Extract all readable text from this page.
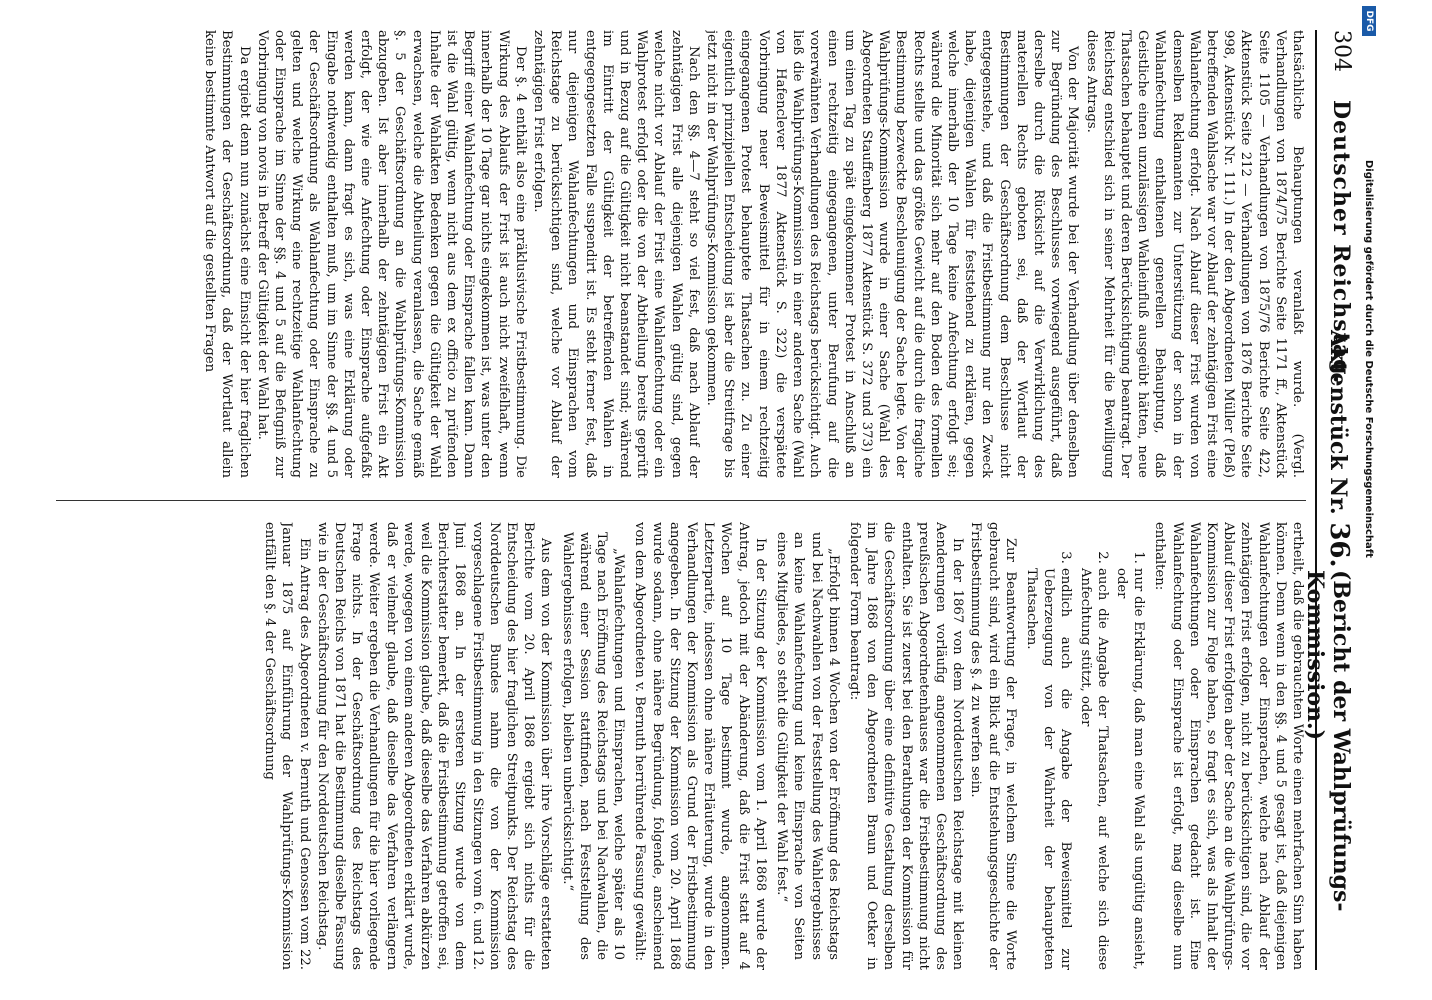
304
Deutscher Reichstag.
Aktenstück Nr. 36.
(Bericht der Wahlprüfungs-Kommission.)

thatsächliche Behauptungen veranlaßt wurde. (Vergl. Verhandlungen von 1874/75 Berichte Seite 1171 ff., Aktenstück Seite 1105 — Verhandlungen von 1875/76 Berichte Seite 422, Aktenstück Seite 212 — Verhandlungen von 1876 Berichte Seite 998, Aktenstück Nr. 111.) In der den Abgeordneten Müller (Pleß) betreffenden Wahlsache war vor Ablauf der zehntägigen Frist eine Wahlanfechtung erfolgt. Nach Ablauf dieser Frist wurden von demselben Reklamanten zur Unterstützung der schon in der Wahlanfechtung enthaltenen generellen Behauptung, daß Geistliche einen unzulässigen Wahleinfluß ausgeübt hätten, neue Thatsachen behauptet und deren Berücksichtigung beantragt. Der Reichstag entschied sich in seiner Mehrheit für die Bewilligung dieses Antrags.

Von der Majorität wurde bei der Verhandlung über denselben zur Begründung des Beschlusses vorwiegend ausgeführt, daß derselbe durch die Rücksicht auf die Verwirklichung des materiellen Rechts geboten sei, daß der Wortlaut der Bestimmungen der Geschäftsordnung dem Beschlusse nicht entgegenstehe, und daß die Fristbestimmung nur den Zweck habe, diejenigen Wahlen für feststehend zu erklären, gegen welche innerhalb der 10 Tage keine Anfechtung erfolgt sei; während die Minorität sich mehr auf den Boden des formellen Rechts stellte und das größte Gewicht auf die durch die fragliche Bestimmung bezweckte Beschleunigung der Sache legte. Von der Wahlprüfungs-Kommission wurde in einer Sache (Wahl des Abgeordneten Stauffenberg 1877 Aktenstück S. 372 und 373) ein um einen Tag zu spät eingekommener Protest in Anschluß an einen rechtzeitig eingegangenen, unter Berufung auf die vorerwähnten Verhandlungen des Reichstags berücksichtigt. Auch ließ die Wahlprüfungs-Kommission in einer anderen Sache (Wahl von Hafenclever 1877 Aktenstück S. 322) die verspätete Vorbringung neuer Beweismittel für in einem rechtzeitig eingegangenen Protest behauptete Thatsachen zu. Zu einer eigentlich prinzipiellen Entscheidung ist aber die Streitfrage bis jetzt nicht in der Wahlprüfungs-Kommission gekommen.

Nach den §§. 4—7 steht so viel fest, daß nach Ablauf der zehntägigen Frist alle diejenigen Wahlen gültig sind, gegen welche nicht vor Ablauf der Frist eine Wahlanfechtung oder ein Wahlprotest erfolgt oder die von der Abtheilung bereits geprüft und in Bezug auf die Gültigkeit nicht beanstandet sind; während im Eintritt der Gültigkeit der betreffenden Wahlen in entgegengesetzten Falle suspendirt ist. Es steht ferner fest, daß nur diejenigen Wahlanfechtungen und Einsprachen vom Reichstage zu berücksichtigen sind, welche vor Ablauf der zehntägigen Frist erfolgen.

Der §. 4 enthält also eine präklusivische Fristbestimmung. Die Wirkung des Ablaufs der Frist ist auch nicht zweifelhaft, wenn innerhalb der 10 Tage gar nichts eingekommen ist, was unter den Begriff einer Wahlanfechtung oder Einsprache fallen kann. Dann ist die Wahl gültig, wenn nicht aus dem ex officio zu prüfenden Inhalte der Wahlakten Bedenken gegen die Gültigkeit der Wahl erwachsen, welche die Abtheilung veranlassen, die Sache gemäß §. 5 der Geschäftsordnung an die Wahlprüfungs-Kommission abzugeben. Ist aber innerhalb der zehntägigen Frist ein Akt erfolgt, der wie eine Anfechtung oder Einsprache aufgefaßt werden kann, dann fragt es sich, was eine Erklärung oder Eingabe nothwendig enthalten muß, um im Sinne der §§. 4 und 5 der Geschäftsordnung als Wahlanfechtung oder Einsprache zu gelten und welche Wirkung eine rechtzeitige Wahlanfechtung oder Einsprache im Sinne der §§. 4 und 5 auf die Befugniß zur Vorbringung von novis in Betreff der Gültigkeit der Wahl hat.

Da ergiebt denn nun zunächst eine Einsicht der hier fraglichen Bestimmungen der Geschäftsordnung, daß der Wortlaut allein keine bestimmte Antwort auf die gestellten Fragen

ertheilt, daß die gebrauchten Worte einen mehrfachen Sinn haben können. Denn wenn in den §§. 4 und 5 gesagt ist, daß diejenigen Wahlanfechtungen oder Einsprachen, welche nach Ablauf der zehntägigen Frist erfolgen, nicht zu berücksichtigen sind, die vor Ablauf dieser Frist erfolgten aber der Sache an die Wahlprüfungs-Kommission zur Folge haben, so fragt es sich, was als Inhalt der Wahlanfechtungen oder Einsprachen gedacht ist. Eine Wahlanfechtung oder Einsprache ist erfolgt, mag dieselbe nun enthalten:

1. nur die Erklärung, daß man eine Wahl als ungültig ansieht, oder
2. auch die Angabe der Thatsachen, auf welche sich diese Anfechtung stützt, oder
3. endlich auch die Angabe der Beweismittel zur Ueberzeugung von der Wahrheit der behaupteten Thatsachen.

Zur Beantwortung der Frage, in welchem Sinne die Worte gebraucht sind, wird ein Blick auf die Entstehungsgeschichte der Fristbestimmung des §. 4 zu werfen sein.

In der 1867 von dem Norddeutschen Reichstage mit kleinen Aenderungen vorläufig angenommenen Geschäftsordnung des preußischen Abgeordnetenhauses war die Fristbestimmung nicht enthalten. Sie ist zuerst bei den Berathungen der Kommission für die Geschäftsordnung über eine definitive Gestaltung derselben im Jahre 1868 von den Abgeordneten Braun und Oetker in folgender Form beantragt:

„Erfolgt binnen 4 Wochen von der Eröffnung des Reichstags und bei Nachwahlen von der Feststellung des Wahlergebnisses an keine Wahlanfechtung und keine Einsprache von Seiten eines Mitgliedes, so steht die Gültigkeit der Wahl fest.“

In der Sitzung der Kommission vom 1. April 1868 wurde der Antrag, jedoch mit der Abänderung, daß die Frist statt auf 4 Wochen auf 10 Tage bestimmt wurde, angenommen. Letzterpartie, indessen ohne nähere Erläuterung, wurde in den Verhandlungen der Kommission als Grund der Fristbestimmung angegeben. In der Sitzung der Kommission vom 20. April 1868 wurde sodann, ohne nähere Begründung, folgende, anscheinend von dem Abgeordneten v. Bernuth herrührende Fassung gewählt:

„Wahlanfechtungen und Einsprachen, welche später als 10 Tage nach Eröffnung des Reichstags und bei Nachwahlen, die während einer Session stattfinden, nach Feststellung des Wahlergebnisses erfolgen, bleiben unberücksichtigt.“

Aus dem von der Kommission über ihre Vorschläge erstatteten Berichte vom 20. April 1868 ergiebt sich nichts für die Entscheidung des hier fraglichen Streitpunkts. Der Reichstag des Norddeutschen Bundes nahm die von der Kommission vorgeschlagene Fristbestimmung in den Sitzungen vom 6. und 12. Juni 1868 an. In der ersteren Sitzung wurde von dem Berichterstatter bemerkt, daß die Fristbestimmung getroffen sei, weil die Kommission glaube, daß dieselbe das Verfahren abkürzen werde, wogegen von einem anderen Abgeordneten erklärt wurde, daß er vielmehr glaube, daß dieselbe das Verfahren verlängern werde. Weiter ergeben die Verhandlungen für die hier vorliegende Frage nichts. In der Geschäftsordnung des Reichstags des Deutschen Reichs von 1871 hat die Bestimmung dieselbe Fassung wie in der Geschäftsordnung für den Norddeutschen Reichstag.

Ein Antrag des Abgeordneten v. Bernuth und Genossen vom 22. Januar 1875 auf Einführung der Wahlprüfungs-Kommission entfällt den §. 4 der Geschäftsordnung

DFG
Digitalisierung gefördert durch die Deutsche Forschungsgemeinschaft
